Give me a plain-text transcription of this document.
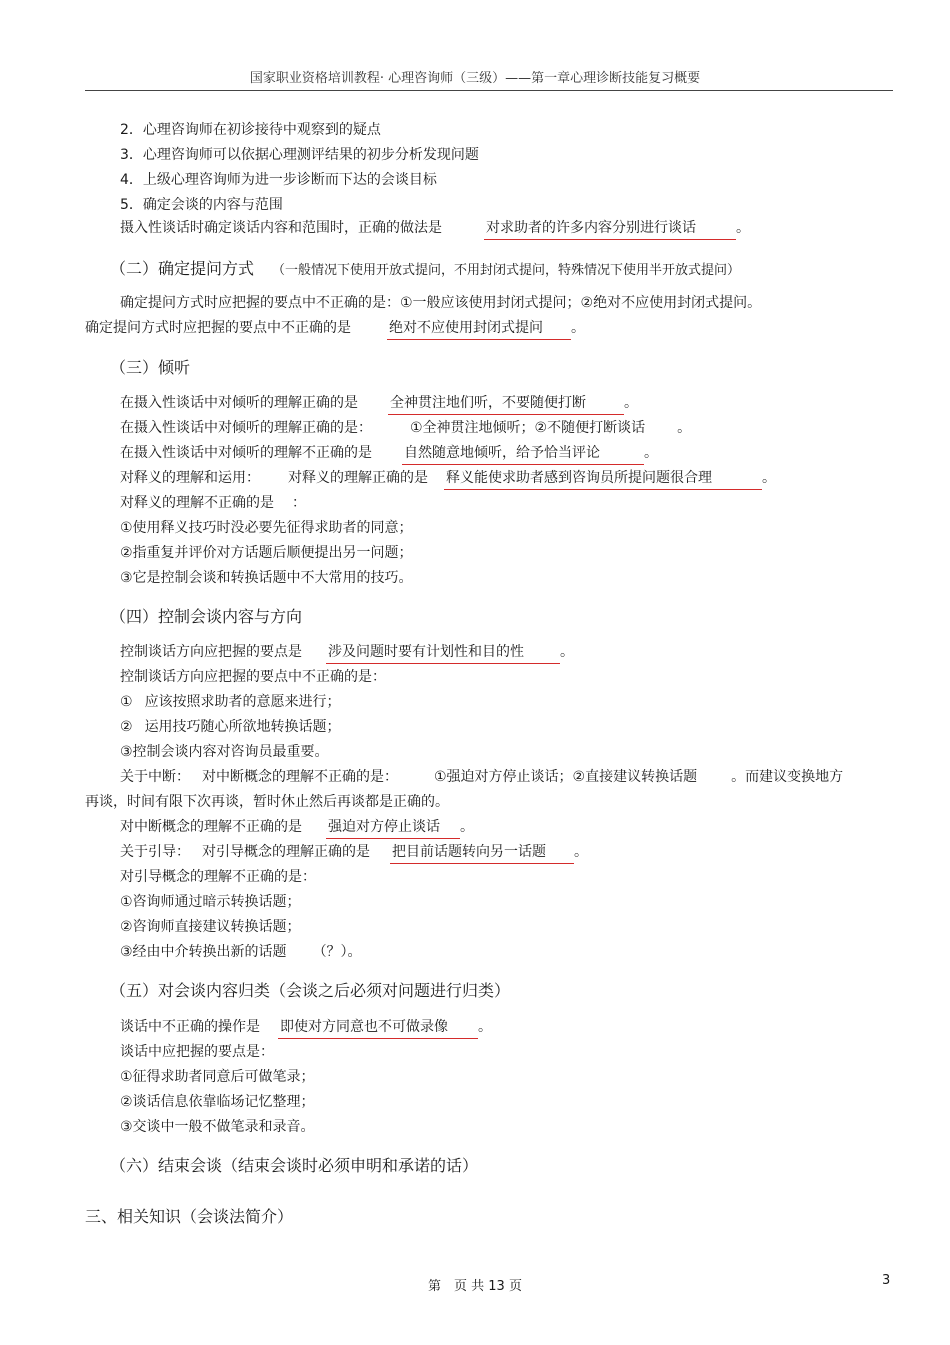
国家职业资格培训教程· 心理咨询师（三级）——第一章心理诊断技能复习概要
2．心理咨询师在初诊接待中观察到的疑点
3．心理咨询师可以依据心理测评结果的初步分析发现问题
4．上级心理咨询师为进一步诊断而下达的会谈目标
5．确定会谈的内容与范围
摄入性谈话时确定谈话内容和范围时，正确的做法是	对求助者的许多内容分别进行谈话	。
（二）确定提问方式 （一般情况下使用开放式提问，不用封闭式提问，特殊情况下使用半开放式提问）
确定提问方式时应把握的要点中不正确的是：①一般应该使用封闭式提问；②绝对不应使用封闭式提问。
确定提问方式时应把握的要点中不正确的是	绝对不应使用封闭式提问 。
（三）倾听
在摄入性谈话中对倾听的理解正确的是 全神贯注地们听，不要随便打断	。
在摄入性谈话中对倾听的理解正确的是：	①全神贯注地倾听；②不随便打断谈话 。
在摄入性谈话中对倾听的理解不正确的是 自然随意地倾听，给予恰当评论	。
对释义的理解和运用： 对释义的理解正确的是 释义能使求助者感到咨询员所提问题很合理	。
对释义的理解不正确的是 ：
①使用释义技巧时没必要先征得求助者的同意；
②指重复并评价对方话题后顺便提出另一问题；
③它是控制会谈和转换话题中不大常用的技巧。
（四）控制会谈内容与方向
控制谈话方向应把握的要点是 涉及问题时要有计划性和目的性	。
控制谈话方向应把握的要点中不正确的是：
① 应该按照求助者的意愿来进行；
② 运用技巧随心所欲地转换话题；
③控制会谈内容对咨询员最重要。
关于中断： 对中断概念的理解不正确的是：	①强迫对方停止谈话；②直接建议转换话题 。而建议变换地方
再谈，时间有限下次再谈，暂时休止然后再谈都是正确的。
对中断概念的理解不正确的是 强迫对方停止谈话 。
关于引导： 对引导概念的理解正确的是 把目前话题转向另一话题 。
对引导概念的理解不正确的是：
①咨询师通过暗示转换话题；
②咨询师直接建议转换话题；
③经由中介转换出新的话题 （？）。
（五）对会谈内容归类（会谈之后必须对问题进行归类）
谈话中不正确的操作是 即使对方同意也不可做录像 。
谈话中应把握的要点是：
①征得求助者同意后可做笔录；
②谈话信息依靠临场记忆整理；
③交谈中一般不做笔录和录音。
（六）结束会谈（结束会谈时必须申明和承诺的话）
三、相关知识（会谈法简介）
第　页 共 13 页	3
